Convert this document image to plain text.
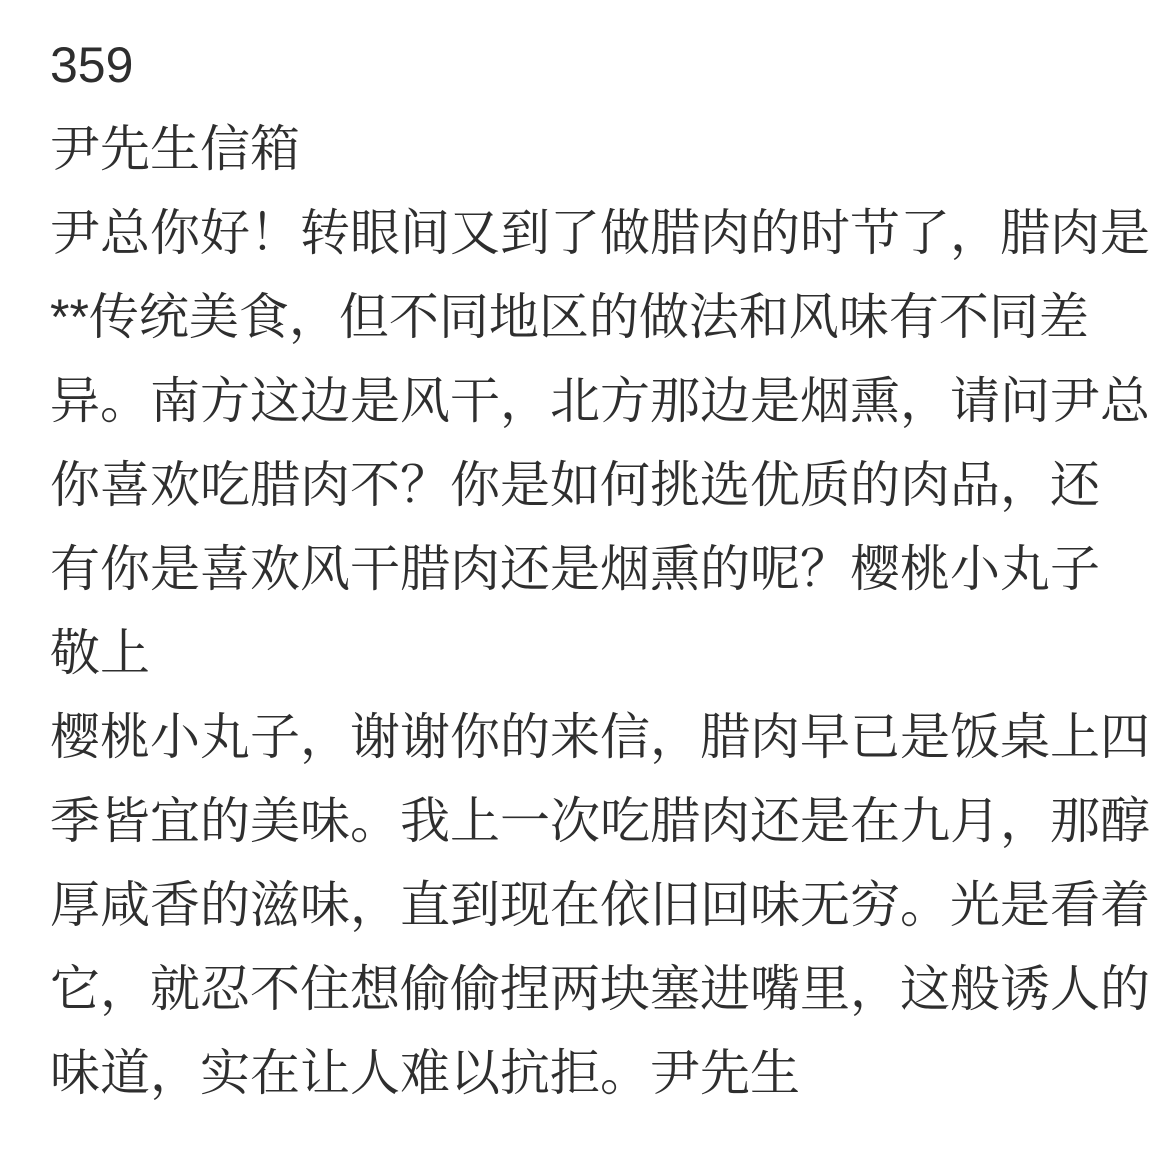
359
尹先生信箱
尹总你好！转眼间又到了做腊肉的时节了，腊肉是
**传统美食，但不同地区的做法和风味有不同差
异。南方这边是风干，北方那边是烟熏，请问尹总
你喜欢吃腊肉不？你是如何挑选优质的肉品，还
有你是喜欢风干腊肉还是烟熏的呢？樱桃小丸子
敬上
樱桃小丸子，谢谢你的来信，腊肉早已是饭桌上四
季皆宜的美味。我上一次吃腊肉还是在九月，那醇
厚咸香的滋味，直到现在依旧回味无穷。光是看着
它，就忍不住想偷偷捏两块塞进嘴里，这般诱人的
味道，实在让人难以抗拒。尹先生
